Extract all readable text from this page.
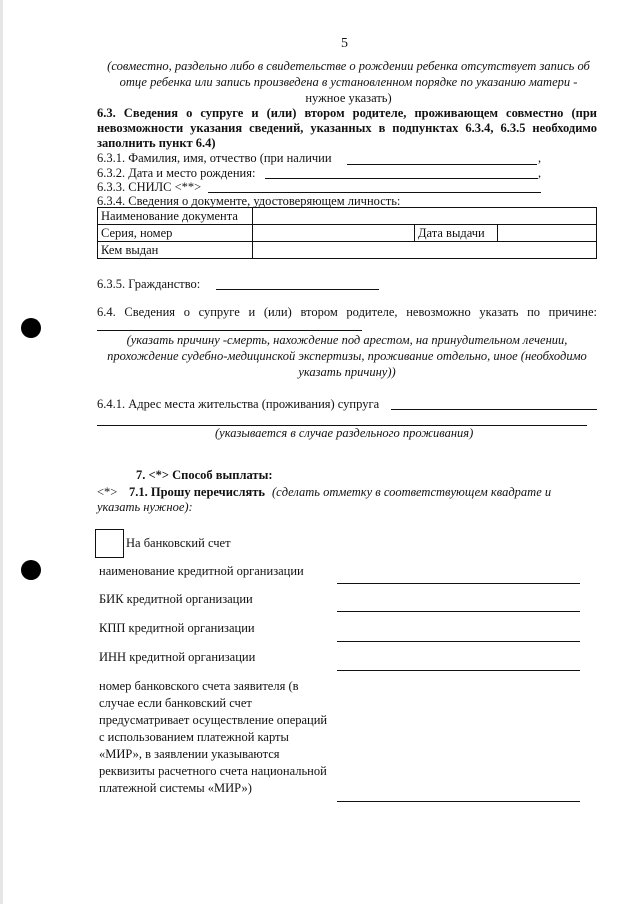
5
(совместно, раздельно либо в свидетельстве о рождении ребенка отсутствует запись об
отце ребенка или запись произведена в установленном порядке по указанию матери -
нужное указать)
6.3. Сведения о супруге и (или) втором родителе, проживающем совместно (при
невозможности указания сведений, указанных в подпунктах 6.3.4, 6.3.5 необходимо
заполнить пункт 6.4)
6.3.1. Фамилия, имя, отчество (при наличии	,
6.3.2. Дата и место рождения:	,
6.3.3. СНИЛС <**>
6.3.4. Сведения о документе, удостоверяющем личность:
Наименование документа			
Серия, номер		Дата выдачи	
Кем выдан			
6.3.5. Гражданство:
6.4. Сведения о супруге и (или) втором родителе, невозможно указать по причине:
(указать причину -смерть, нахождение под арестом, на принудительном лечении,
прохождение судебно-медицинской экспертизы, проживание отдельно, иное (необходимо
указать причину))
6.4.1. Адрес места жительства (проживания) супруга
(указывается в случае раздельного проживания)
7. <*> Способ выплаты:
<*> 7.1. Прошу перечислять (сделать отметку в соответствующем квадрате и
указать нужное):
На банковский счет
наименование кредитной организации
БИК кредитной организации
КПП кредитной организации
ИНН кредитной организации
номер банковского счета заявителя (в
случае если банковский счет
предусматривает осуществление операций
с использованием платежной карты
«МИР», в заявлении указываются
реквизиты расчетного счета национальной
платежной системы «МИР»)
